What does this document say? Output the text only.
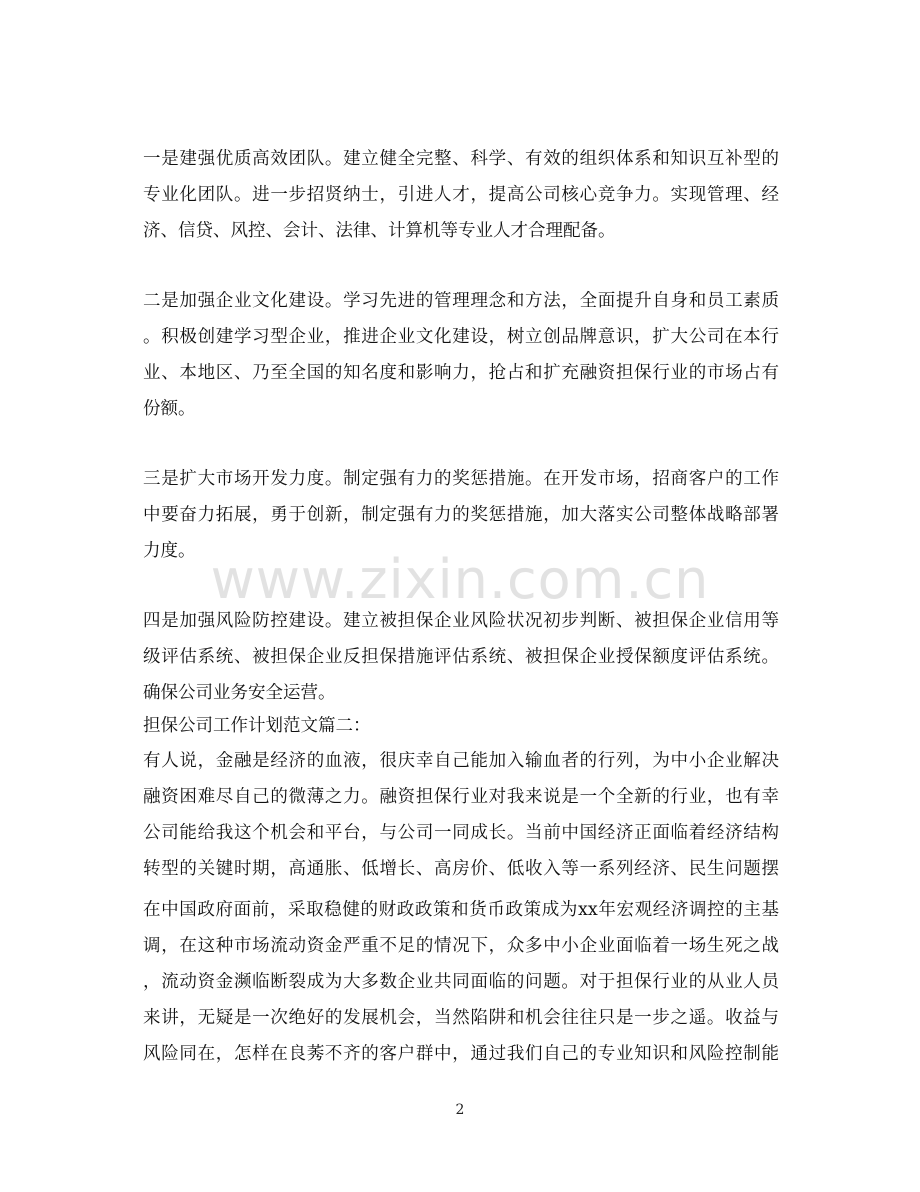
www.zixin.com.cn
一是建强优质高效团队。建立健全完整、科学、有效的组织体系和知识互补型的
专业化团队。进一步招贤纳士，引进人才，提高公司核心竞争力。实现管理、经
济、信贷、风控、会计、法律、计算机等专业人才合理配备。
二是加强企业文化建设。学习先进的管理理念和方法，全面提升自身和员工素质
。积极创建学习型企业，推进企业文化建设，树立创品牌意识，扩大公司在本行
业、本地区、乃至全国的知名度和影响力，抢占和扩充融资担保行业的市场占有
份额。
三是扩大市场开发力度。制定强有力的奖惩措施。在开发市场，招商客户的工作
中要奋力拓展，勇于创新，制定强有力的奖惩措施，加大落实公司整体战略部署
力度。
四是加强风险防控建设。建立被担保企业风险状况初步判断、被担保企业信用等
级评估系统、被担保企业反担保措施评估系统、被担保企业授保额度评估系统。
确保公司业务安全运营。
担保公司工作计划范文篇二：
有人说，金融是经济的血液，很庆幸自己能加入输血者的行列，为中小企业解决
融资困难尽自己的微薄之力。融资担保行业对我来说是一个全新的行业，也有幸
公司能给我这个机会和平台，与公司一同成长。当前中国经济正面临着经济结构
转型的关键时期，高通胀、低增长、高房价、低收入等一系列经济、民生问题摆
在中国政府面前，采取稳健的财政政策和货币政策成为xx年宏观经济调控的主基
调，在这种市场流动资金严重不足的情况下，众多中小企业面临着一场生死之战
，流动资金濒临断裂成为大多数企业共同面临的问题。对于担保行业的从业人员
来讲，无疑是一次绝好的发展机会，当然陷阱和机会往往只是一步之遥。收益与
风险同在，怎样在良莠不齐的客户群中，通过我们自己的专业知识和风险控制能
2
